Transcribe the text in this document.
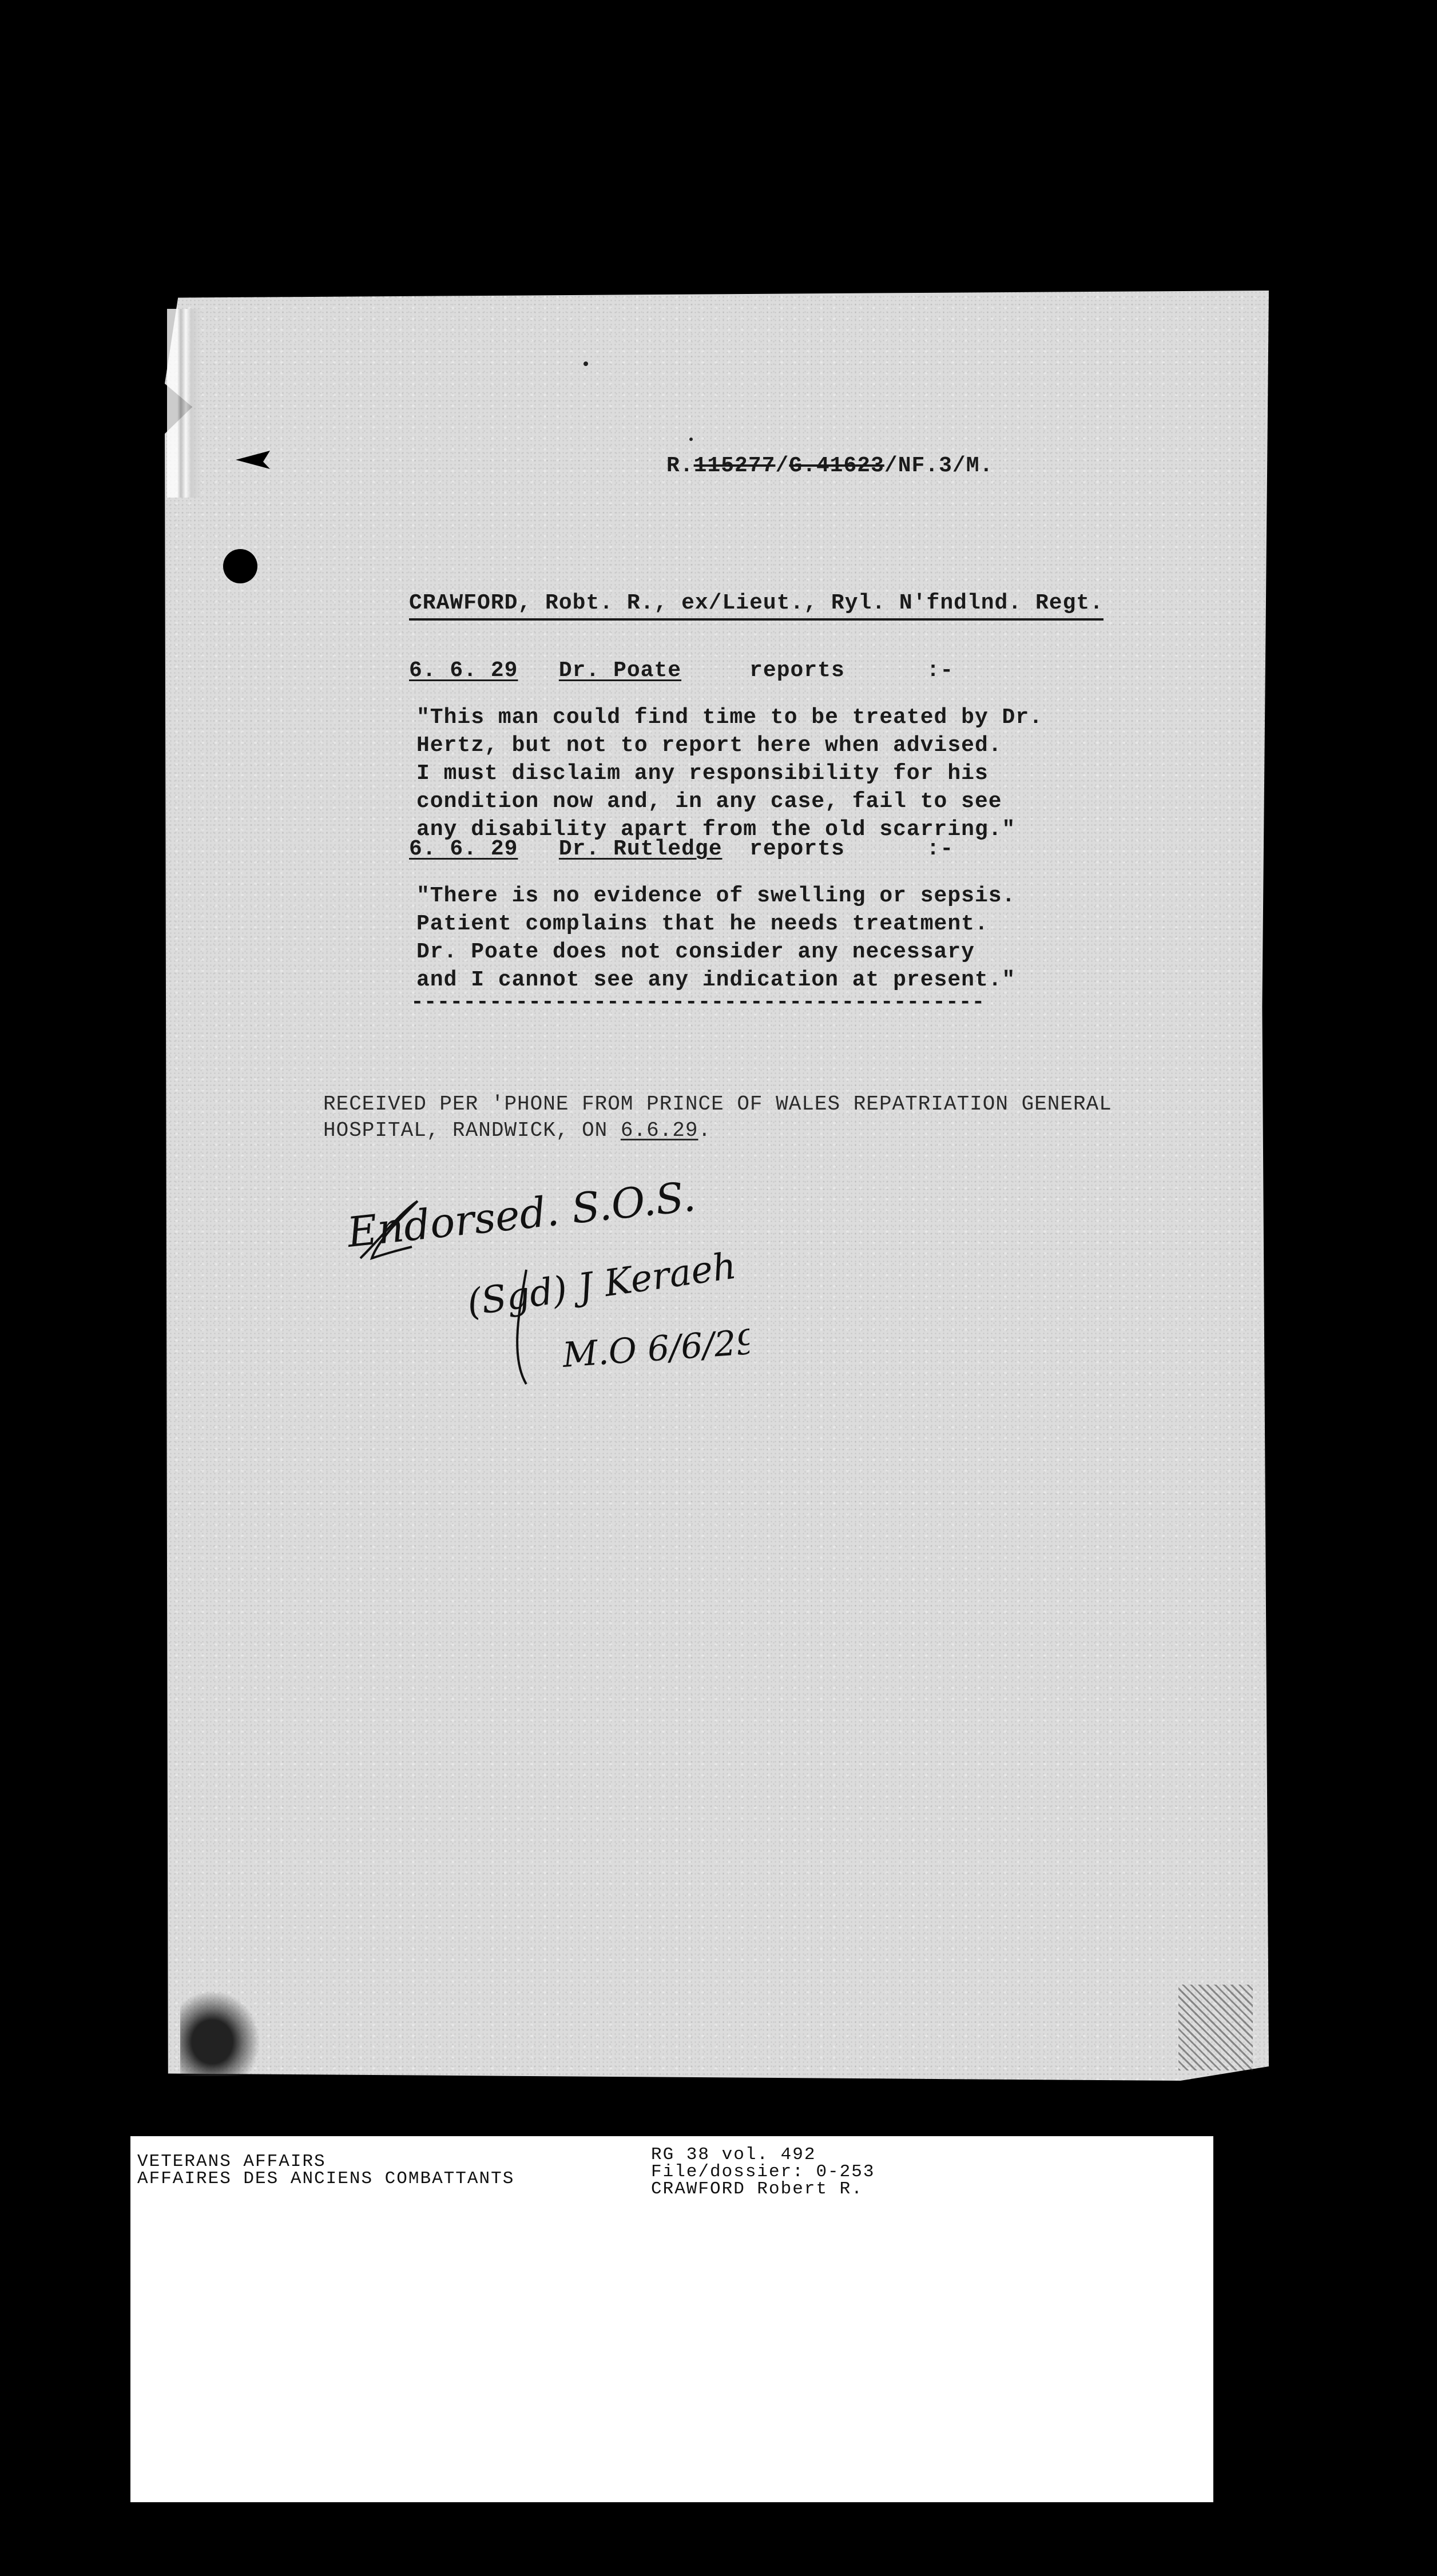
R.115277/G.41623/NF.3/M.
CRAWFORD, Robt. R., ex/Lieut., Ryl. N'fndlnd. Regt.
6. 6. 29 Dr. Poate	reports	:-
"This man could find time to be treated by Dr.
Hertz, but not to report here when advised.
I must disclaim any responsibility for his
condition now and, in any case, fail to see
any disability apart from the old scarring."
6. 6. 29 Dr. Rutledge reports	:-
"There is no evidence of swelling or sepsis.
Patient complains that he needs treatment.
Dr. Poate does not consider any necessary
and I cannot see any indication at present."
--------------------------------------------
RECEIVED PER 'PHONE FROM PRINCE OF WALES REPATRIATION GENERAL
HOSPITAL, RANDWICK, ON 6.6.29.
Endorsed. S.O.S.
(Sgd) J Keraeh
M.O 6/6/29.
VETERANS AFFAIRS
AFFAIRES DES ANCIENS COMBATTANTS
RG 38 vol. 492
File/dossier: 0-253
CRAWFORD Robert R.
